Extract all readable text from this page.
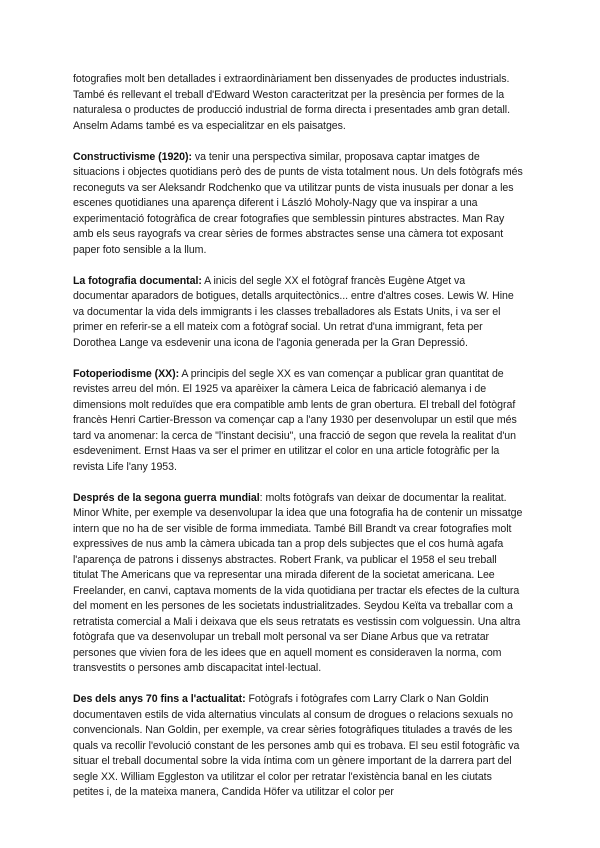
fotografies molt ben detallades i extraordinàriament ben dissenyades de productes industrials. També és rellevant el treball d'Edward Weston caracteritzat per la presència per formes de la naturalesa o productes de producció industrial de forma directa i presentades amb gran detall. Anselm Adams també es va especialitzar en els paisatges.

Constructivisme (1920): va tenir una perspectiva similar, proposava captar imatges de situacions i objectes quotidians però des de punts de vista totalment nous. Un dels fotògrafs més reconeguts va ser Aleksandr Rodchenko que va utilitzar punts de vista inusuals per donar a les escenes quotidianes una aparença diferent i László Moholy-Nagy que va inspirar a una experimentació fotogràfica de crear fotografies que semblessin pintures abstractes. Man Ray amb els seus rayografs va crear sèries de formes abstractes sense una càmera tot exposant paper foto sensible a la llum.

La fotografia documental: A inicis del segle XX el fotògraf francès Eugène Atget va documentar aparadors de botigues, detalls arquitectònics... entre d'altres coses. Lewis W. Hine va documentar la vida dels immigrants i les classes treballadores als Estats Units, i va ser el primer en referir-se a ell mateix com a fotògraf social. Un retrat d'una immigrant, feta per Dorothea Lange va esdevenir una icona de l'agonia generada per la Gran Depressió.

Fotoperiodisme (XX): A principis del segle XX es van començar a publicar gran quantitat de revistes arreu del món. El 1925 va aparèixer la càmera Leica de fabricació alemanya i de dimensions molt reduïdes que era compatible amb lents de gran obertura. El treball del fotògraf francès Henri Cartier-Bresson va començar cap a l'any 1930 per desenvolupar un estil que més tard va anomenar: la cerca de "l'instant decisiu", una fracció de segon que revela la realitat d'un esdeveniment. Ernst Haas va ser el primer en utilitzar el color en una article fotogràfic per la revista Life l'any 1953.

Després de la segona guerra mundial: molts fotògrafs van deixar de documentar la realitat. Minor White, per exemple va desenvolupar la idea que una fotografia ha de contenir un missatge intern que no ha de ser visible de forma immediata. També Bill Brandt va crear fotografies molt expressives de nus amb la càmera ubicada tan a prop dels subjectes que el cos humà agafa l'aparença de patrons i dissenys abstractes. Robert Frank, va publicar el 1958 el seu treball titulat The Americans que va representar una mirada diferent de la societat americana. Lee Freelander, en canvi, captava moments de la vida quotidiana per tractar els efectes de la cultura del moment en les persones de les societats industrialitzades. Seydou Keïta va treballar com a retratista comercial a Mali i deixava que els seus retratats es vestissin com volguessin. Una altra fotògrafa que va desenvolupar un treball molt personal va ser Diane Arbus que va retratar persones que vivien fora de les idees que en aquell moment es consideraven la norma, com transvestits o persones amb discapacitat intel·lectual.

Des dels anys 70 fins a l'actualitat: Fotògrafs i fotògrafes com Larry Clark o Nan Goldin documentaven estils de vida alternatius vinculats al consum de drogues o relacions sexuals no convencionals. Nan Goldin, per exemple, va crear sèries fotogràfiques titulades a través de les quals va recollir l'evolució constant de les persones amb qui es trobava. El seu estil fotogràfic va situar el treball documental sobre la vida íntima com un gènere important de la darrera part del segle XX. William Eggleston va utilitzar el color per retratar l'existència banal en les ciutats petites i, de la mateixa manera, Candida Höfer va utilitzar el color per
